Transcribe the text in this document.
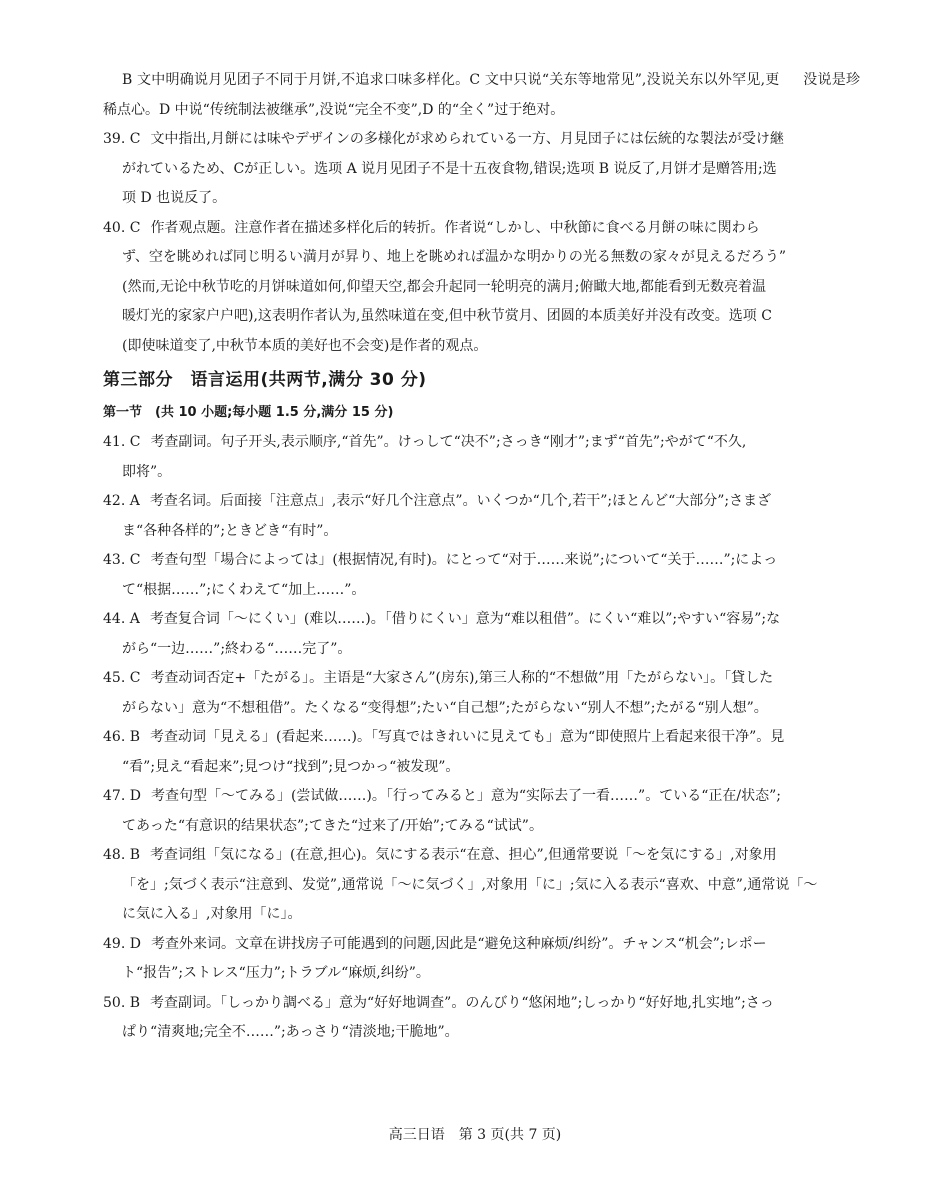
B 文中明确说月见团子不同于月饼,不追求口味多样化。C 文中只说“关东等地常见”,没说关东以外罕见,更 没说是珍稀点心。D 中说“传统制法被继承”,没说“完全不变”,D 的“全く”过于绝对。

39. C 文中指出,月餅には味やデザインの多様化が求められている一方、月見団子には伝統的な製法が受け継
がれているため、Cが正しい。选项 A 说月见团子不是十五夜食物,错误;选项 B 说反了,月饼才是赠答用;选
项 D 也说反了。
40. C 作者观点题。注意作者在描述多样化后的转折。作者说“しかし、中秋節に食べる月餅の味に関わら
ず、空を眺めれば同じ明るい満月が昇り、地上を眺めれば温かな明かりの光る無数の家々が見えるだろう”
(然而,无论中秋节吃的月饼味道如何,仰望天空,都会升起同一轮明亮的满月;俯瞰大地,都能看到无数亮着温
暖灯光的家家户户吧),这表明作者认为,虽然味道在变,但中秋节赏月、团圆的本质美好并没有改变。选项 C
(即使味道变了,中秋节本质的美好也不会变)是作者的观点。
第三部分　语言运用(共两节,满分 30 分)
第一节　(共 10 小题;每小题 1.5 分,满分 15 分)
41. C 考查副词。句子开头,表示顺序,“首先”。けっして“决不”;さっき“刚才”;まず“首先”;やがて“不久,
即将”。
42. A 考查名词。后面接「注意点」,表示“好几个注意点”。いくつか“几个,若干”;ほとんど“大部分”;さまざ
ま“各种各样的”;ときどき“有时”。
43. C 考查句型「場合によっては」(根据情况,有时)。にとって“对于……来说”;について“关于……”;によっ
て“根据……”;にくわえて“加上……”。
44. A 考查复合词「～にくい」(难以……)。「借りにくい」意为“难以租借”。にくい“难以”;やすい“容易”;な
がら“一边……”;終わる“……完了”。
45. C 考查动词否定+「たがる」。主语是“大家さん”(房东),第三人称的“不想做”用「たがらない」。「貸した
がらない」意为“不想租借”。たくなる“变得想”;たい“自己想”;たがらない“别人不想”;たがる“别人想”。
46. B 考查动词「見える」(看起来……)。「写真ではきれいに見えても」意为“即使照片上看起来很干净”。見
“看”;見え“看起来”;見つけ“找到”;見つかっ“被发现”。
47. D 考查句型「～てみる」(尝试做……)。「行ってみると」意为“实际去了一看……”。ている“正在/状态”;
てあった“有意识的结果状态”;てきた“过来了/开始”;てみる“试试”。
48. B 考查词组「気になる」(在意,担心)。気にする表示“在意、担心”,但通常要说「～を気にする」,对象用
「を」;気づく表示“注意到、发觉”,通常说「～に気づく」,对象用「に」;気に入る表示“喜欢、中意”,通常说「～
に気に入る」,对象用「に」。
49. D 考查外来词。文章在讲找房子可能遇到的问题,因此是“避免这种麻烦/纠纷”。チャンス“机会”;レポー
ト“报告”;ストレス“压力”;トラブル“麻烦,纠纷”。
50. B 考查副词。「しっかり調べる」意为“好好地调查”。のんびり“悠闲地”;しっかり“好好地,扎实地”;さっ
ぱり“清爽地;完全不……”;あっさり“清淡地;干脆地”。
高三日语　第 3 页(共 7 页)
